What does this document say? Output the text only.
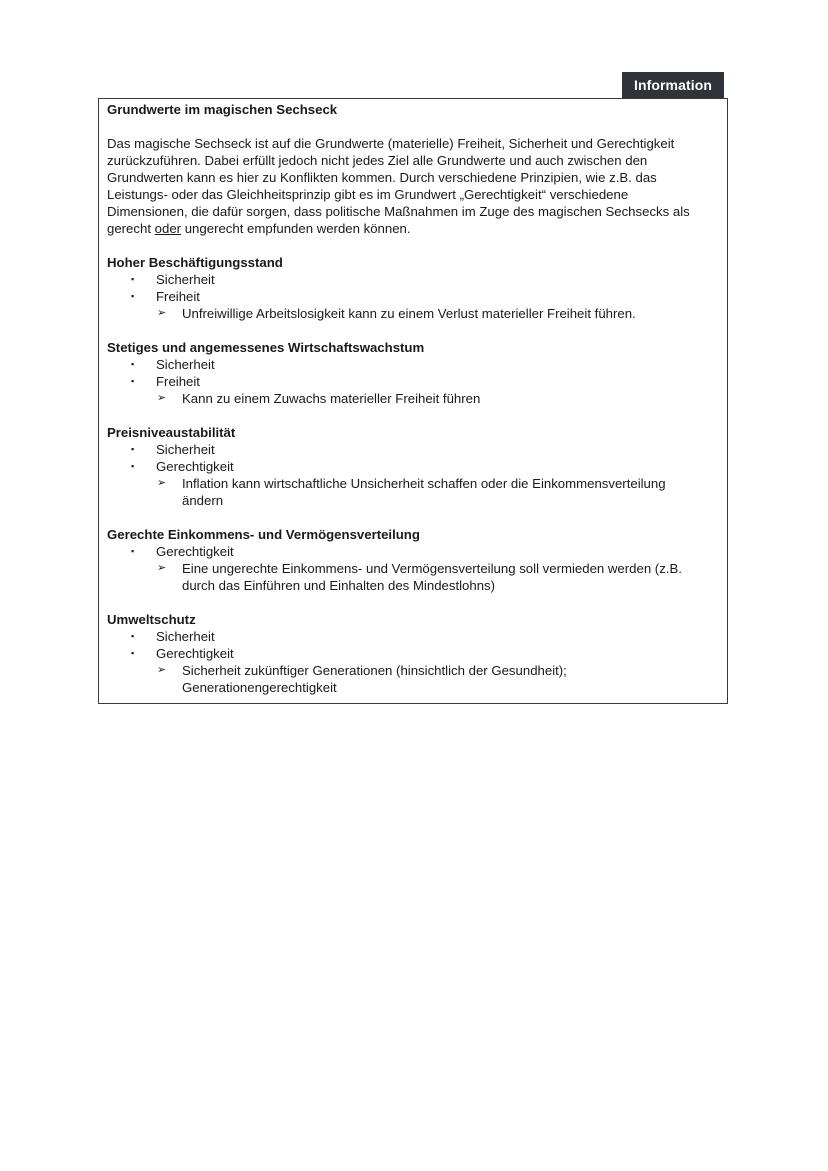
Information
Grundwerte im magischen Sechseck
Das magische Sechseck ist auf die Grundwerte (materielle) Freiheit, Sicherheit und Gerechtigkeit
zurückzuführen. Dabei erfüllt jedoch nicht jedes Ziel alle Grundwerte und auch zwischen den
Grundwerten kann es hier zu Konflikten kommen. Durch verschiedene Prinzipien, wie z.B. das
Leistungs- oder das Gleichheitsprinzip gibt es im Grundwert „Gerechtigkeit“ verschiedene
Dimensionen, die dafür sorgen, dass politische Maßnahmen im Zuge des magischen Sechsecks als
gerecht oder ungerecht empfunden werden können.
Hoher Beschäftigungsstand
▪ Sicherheit
▪ Freiheit
➢ Unfreiwillige Arbeitslosigkeit kann zu einem Verlust materieller Freiheit führen.
Stetiges und angemessenes Wirtschaftswachstum
▪ Sicherheit
▪ Freiheit
➢ Kann zu einem Zuwachs materieller Freiheit führen
Preisniveaustabilität
▪ Sicherheit
▪ Gerechtigkeit
➢ Inflation kann wirtschaftliche Unsicherheit schaffen oder die Einkommensverteilung
ändern
Gerechte Einkommens- und Vermögensverteilung
▪ Gerechtigkeit
➢ Eine ungerechte Einkommens- und Vermögensverteilung soll vermieden werden (z.B.
durch das Einführen und Einhalten des Mindestlohns)
Umweltschutz
▪ Sicherheit
▪ Gerechtigkeit
➢ Sicherheit zukünftiger Generationen (hinsichtlich der Gesundheit);
Generationengerechtigkeit
